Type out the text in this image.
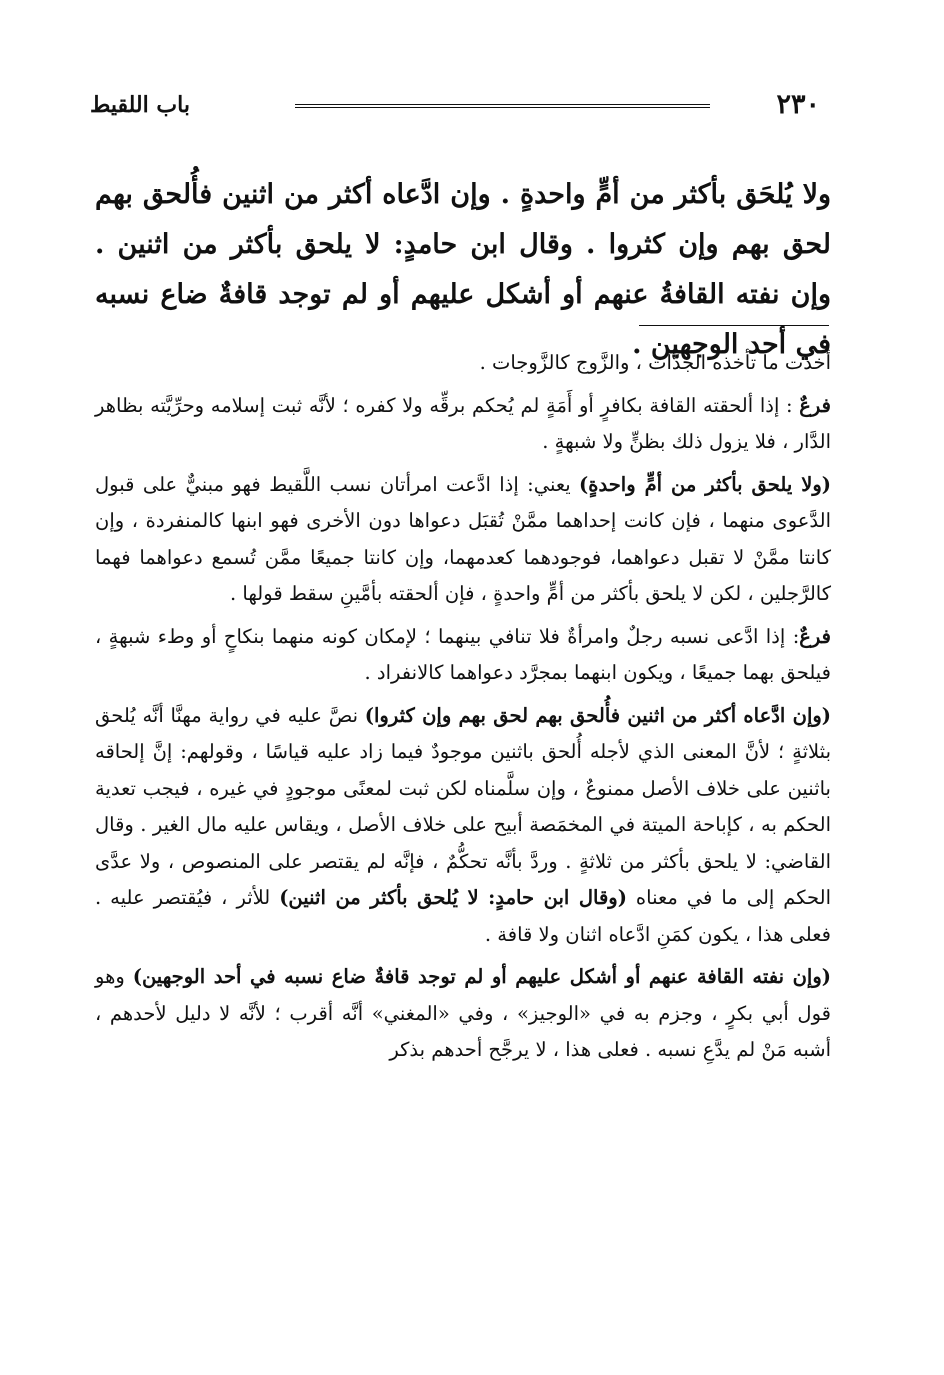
٢٣٠
باب اللقيط

ولا يُلحَق بأكثر من أمٍّ واحدةٍ . وإن ادَّعاه أكثر من اثنين فأُلحق بهم لحق بهم وإن كثروا . وقال ابن حامدٍ: لا يلحق بأكثر من اثنين . وإن نفته القافةُ عنهم أو أشكل عليهم أو لم توجد قافةٌ ضاع نسبه في أحد الوجهين .

أخذت ما تأخذه الجدَّات ، والزَّوج كالزَّوجات .

فرعٌ : إذا ألحقته القافة بكافرٍ أو أَمَةٍ لم يُحكم برقِّه ولا كفره ؛ لأنَّه ثبت إسلامه وحرِّيَّته بظاهر الدَّار ، فلا يزول ذلك بظنٍّ ولا شبهةٍ .

(ولا يلحق بأكثر من أمٍّ واحدةٍ) يعني: إذا ادَّعت امرأتان نسب اللَّقيط فهو مبنيٌّ على قبول الدَّعوى منهما ، فإن كانت إحداهما ممَّنْ تُقبَل دعواها دون الأخرى فهو ابنها كالمنفردة ، وإن كانتا ممَّنْ لا تقبل دعواهما، فوجودهما كعدمهما، وإن كانتا جميعًا ممَّن تُسمع دعواهما فهما كالرَّجلين ، لكن لا يلحق بأكثر من أمٍّ واحدةٍ ، فإن ألحقته بأمَّينِ سقط قولها .

فرعٌ: إذا ادَّعى نسبه رجلٌ وامرأةٌ فلا تنافي بينهما ؛ لإمكان كونه منهما بنكاحٍ أو وطء شبهةٍ ، فيلحق بهما جميعًا ، ويكون ابنهما بمجرَّد دعواهما كالانفراد .

(وإن ادَّعاه أكثر من اثنين فأُلحق بهم لحق بهم وإن كثروا) نصَّ عليه في رواية مهنَّا أنَّه يُلحق بثلاثةٍ ؛ لأنَّ المعنى الذي لأجله أُلحق باثنين موجودٌ فيما زاد عليه قياسًا ، وقولهم: إنَّ إلحاقه باثنين على خلاف الأصل ممنوعٌ ، وإن سلَّمناه لكن ثبت لمعنًى موجودٍ في غيره ، فيجب تعدية الحكم به ، كإباحة الميتة في المخمَصة أبيح على خلاف الأصل ، ويقاس عليه مال الغير . وقال القاضي: لا يلحق بأكثر من ثلاثةٍ . وردَّ بأنَّه تحكُّمٌ ، فإنَّه لم يقتصر على المنصوص ، ولا عدَّى الحكم إلى ما في معناه (وقال ابن حامدٍ: لا يُلحق بأكثر من اثنين) للأثر ، فيُقتصر عليه . فعلى هذا ، يكون كمَنِ ادَّعاه اثنان ولا قافة .

(وإن نفته القافة عنهم أو أشكل عليهم أو لم توجد قافةٌ ضاع نسبه في أحد الوجهين) وهو قول أبي بكرٍ ، وجزم به في «الوجيز» ، وفي «المغني» أنَّه أقرب ؛ لأنَّه لا دليل لأحدهم ، أشبه مَنْ لم يدَّعِ نسبه . فعلى هذا ، لا يرجَّح أحدهم بذكر
